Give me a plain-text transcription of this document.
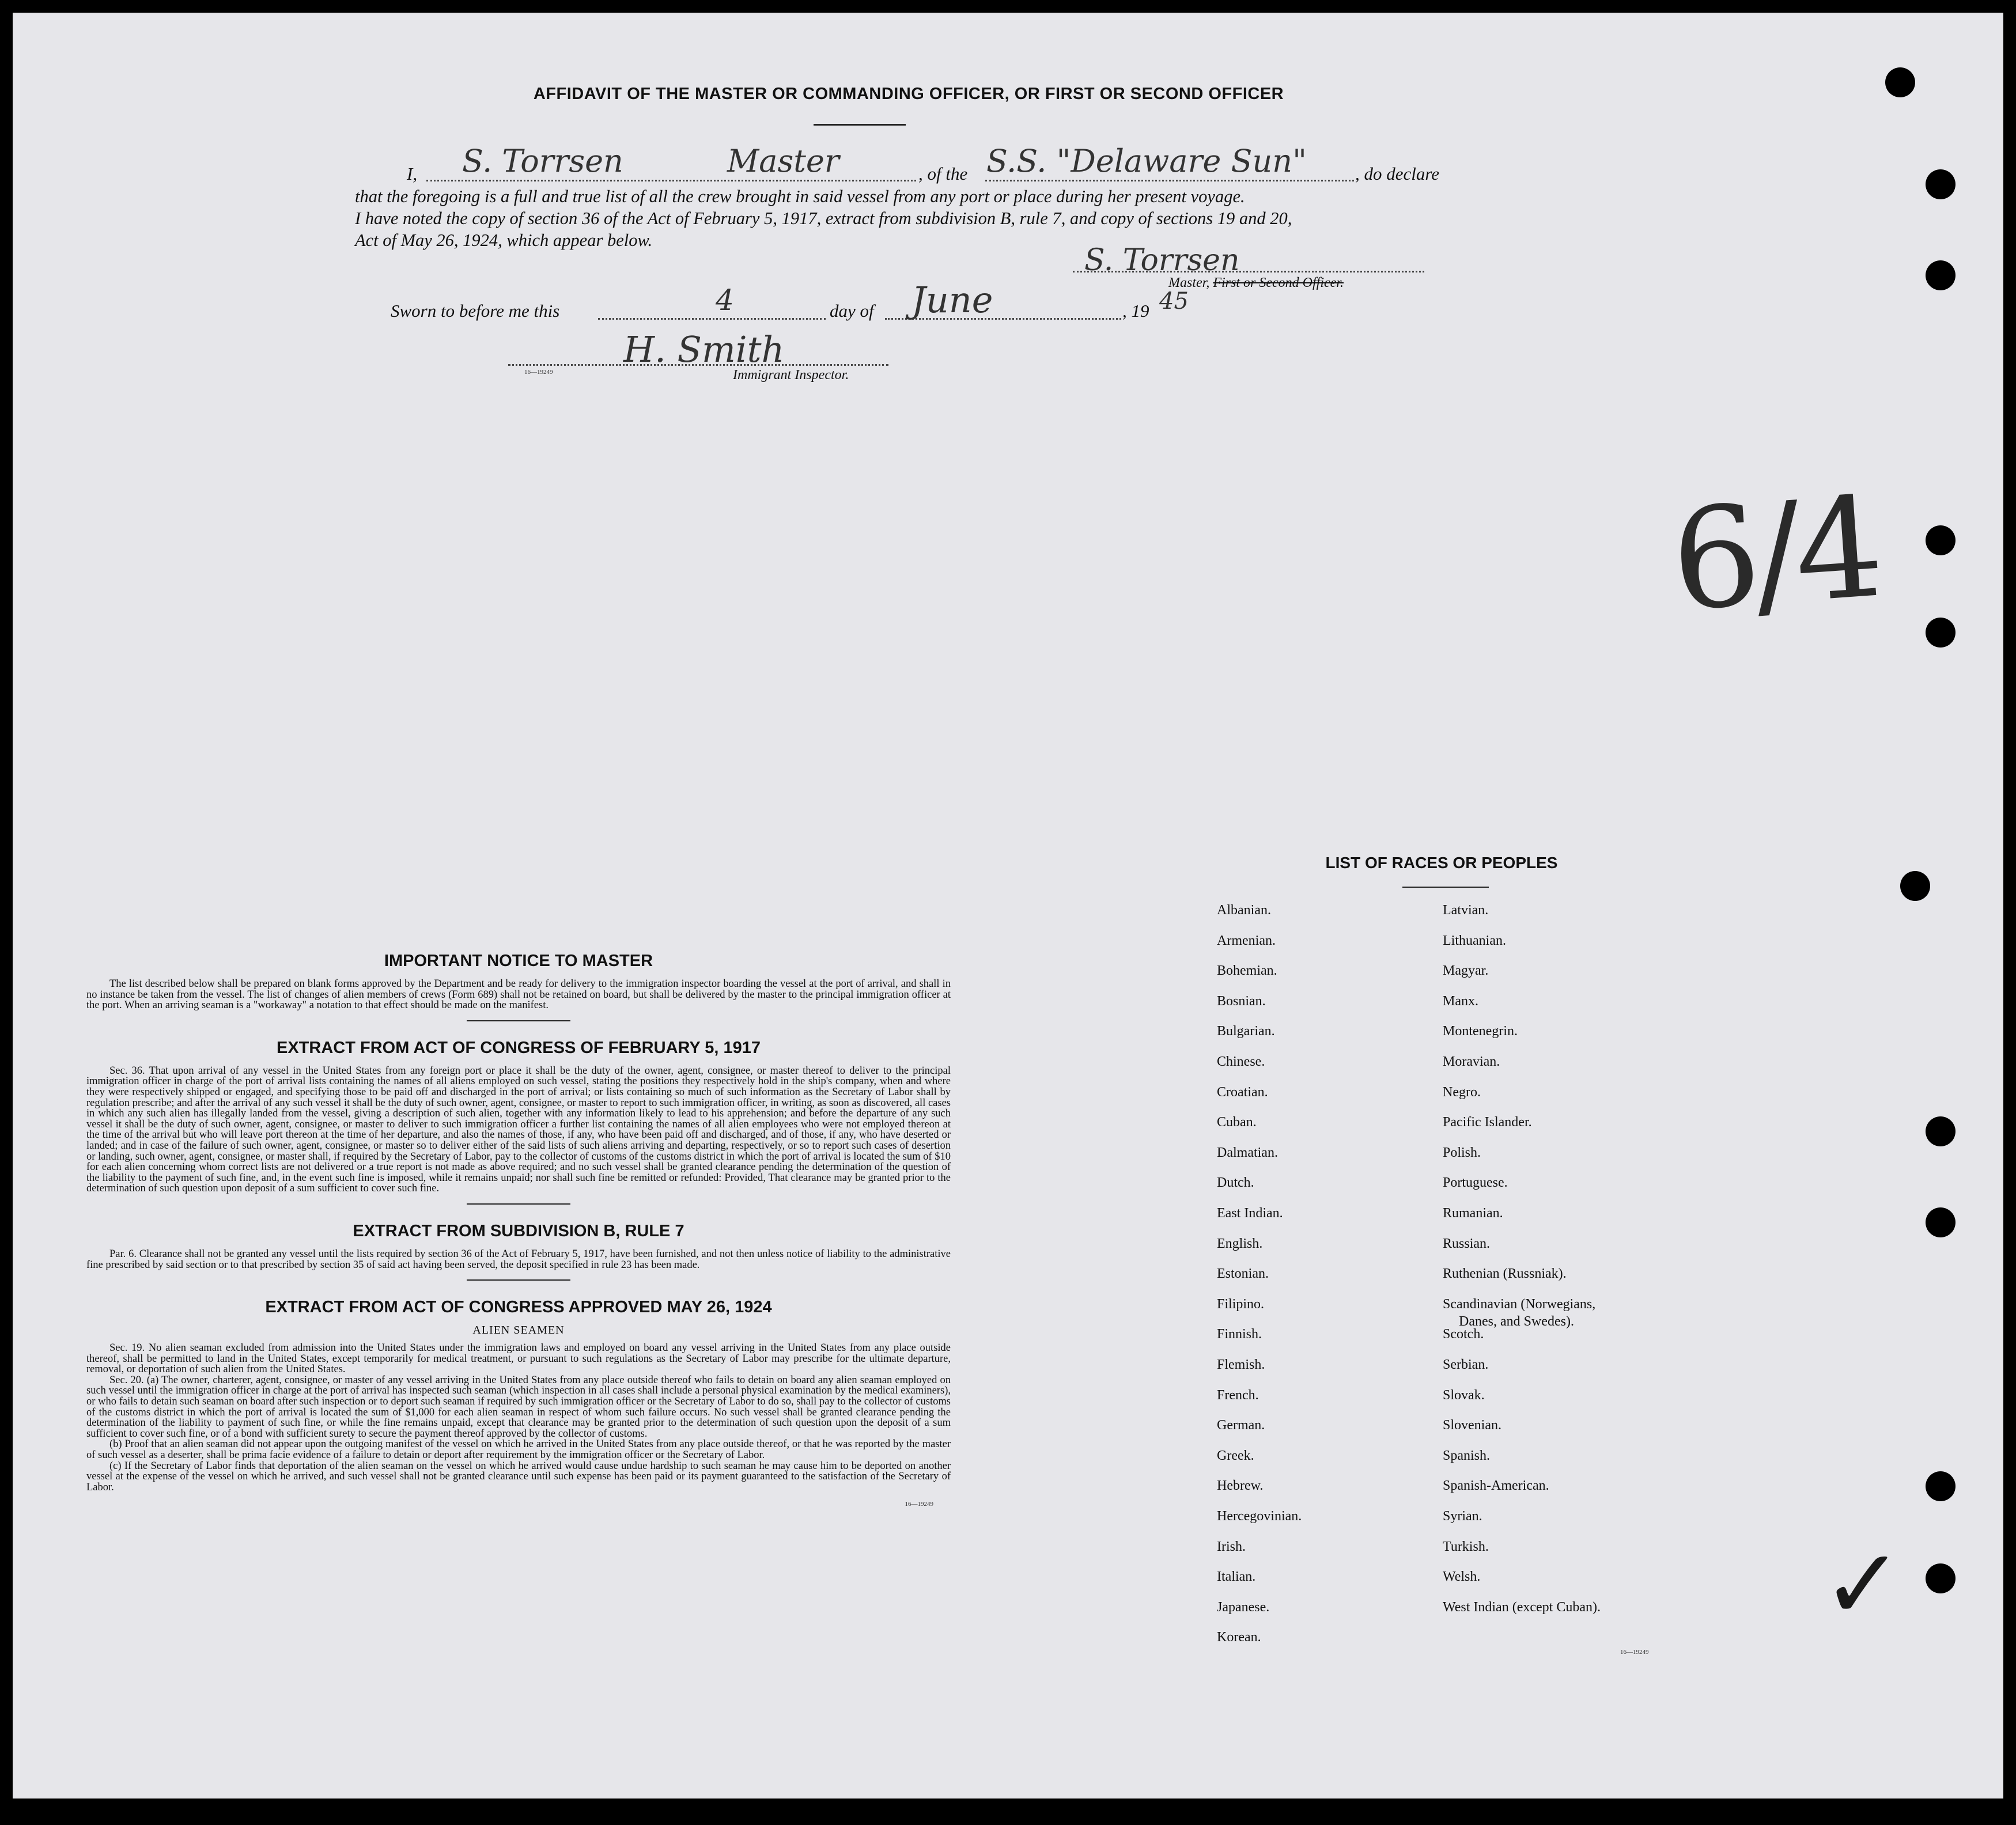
AFFIDAVIT OF THE MASTER OR COMMANDING OFFICER, OR FIRST OR SECOND OFFICER
I, S. Torrsen	Master	, of the S.S. "Delaware Sun"	, do declare
that the foregoing is a full and true list of all the crew brought in said vessel from any port or place during her present voyage.
I have noted the copy of section 36 of the Act of February 5, 1917, extract from subdivision B, rule 7, and copy of sections 19 and 20,
Act of May 26, 1924, which appear below.
S. Torrsen
Master, First or Second Officer.
Sworn to before me this	4	day of June	, 19 45
H. Smith
16—19249	Immigrant Inspector.
6/4
✓
IMPORTANT NOTICE TO MASTER

The list described below shall be prepared on blank forms approved by the Department and be ready for delivery to the immigration inspector boarding the vessel at the port of arrival, and shall in no instance be taken from the vessel. The list of changes of alien members of crews (Form 689) shall not be retained on board, but shall be delivered by the master to the principal immigration officer at the port. When an arriving seaman is a "workaway" a notation to that effect should be made on the manifest.

EXTRACT FROM ACT OF CONGRESS OF FEBRUARY 5, 1917

Sec. 36. That upon arrival of any vessel in the United States from any foreign port or place it shall be the duty of the owner, agent, consignee, or master thereof to deliver to the principal immigration officer in charge of the port of arrival lists containing the names of all aliens employed on such vessel, stating the positions they respectively hold in the ship's company, when and where they were respectively shipped or engaged, and specifying those to be paid off and discharged in the port of arrival; or lists containing so much of such information as the Secretary of Labor shall by regulation prescribe; and after the arrival of any such vessel it shall be the duty of such owner, agent, consignee, or master to report to such immigration officer, in writing, as soon as discovered, all cases in which any such alien has illegally landed from the vessel, giving a description of such alien, together with any information likely to lead to his apprehension; and before the departure of any such vessel it shall be the duty of such owner, agent, consignee, or master to deliver to such immigration officer a further list containing the names of all alien employees who were not employed thereon at the time of the arrival but who will leave port thereon at the time of her departure, and also the names of those, if any, who have been paid off and discharged, and of those, if any, who have deserted or landed; and in case of the failure of such owner, agent, consignee, or master so to deliver either of the said lists of such aliens arriving and departing, respectively, or so to report such cases of desertion or landing, such owner, agent, consignee, or master shall, if required by the Secretary of Labor, pay to the collector of customs of the customs district in which the port of arrival is located the sum of $10 for each alien concerning whom correct lists are not delivered or a true report is not made as above required; and no such vessel shall be granted clearance pending the determination of the question of the liability to the payment of such fine, and, in the event such fine is imposed, while it remains unpaid; nor shall such fine be remitted or refunded: Provided, That clearance may be granted prior to the determination of such question upon deposit of a sum sufficient to cover such fine.

EXTRACT FROM SUBDIVISION B, RULE 7

Par. 6. Clearance shall not be granted any vessel until the lists required by section 36 of the Act of February 5, 1917, have been furnished, and not then unless notice of liability to the administrative fine prescribed by said section or to that prescribed by section 35 of said act having been served, the deposit specified in rule 23 has been made.

EXTRACT FROM ACT OF CONGRESS APPROVED MAY 26, 1924
ALIEN SEAMEN

Sec. 19. No alien seaman excluded from admission into the United States under the immigration laws and employed on board any vessel arriving in the United States from any place outside thereof, shall be permitted to land in the United States, except temporarily for medical treatment, or pursuant to such regulations as the Secretary of Labor may prescribe for the ultimate departure, removal, or deportation of such alien from the United States.

Sec. 20. (a) The owner, charterer, agent, consignee, or master of any vessel arriving in the United States from any place outside thereof who fails to detain on board any alien seaman employed on such vessel until the immigration officer in charge at the port of arrival has inspected such seaman (which inspection in all cases shall include a personal physical examination by the medical examiners), or who fails to detain such seaman on board after such inspection or to deport such seaman if required by such immigration officer or the Secretary of Labor to do so, shall pay to the collector of customs of the customs district in which the port of arrival is located the sum of $1,000 for each alien seaman in respect of whom such failure occurs. No such vessel shall be granted clearance pending the determination of the liability to payment of such fine, or while the fine remains unpaid, except that clearance may be granted prior to the determination of such question upon the deposit of a sum sufficient to cover such fine, or of a bond with sufficient surety to secure the payment thereof approved by the collector of customs.

(b) Proof that an alien seaman did not appear upon the outgoing manifest of the vessel on which he arrived in the United States from any place outside thereof, or that he was reported by the master of such vessel as a deserter, shall be prima facie evidence of a failure to detain or deport after requirement by the immigration officer or the Secretary of Labor.

(c) If the Secretary of Labor finds that deportation of the alien seaman on the vessel on which he arrived would cause undue hardship to such seaman he may cause him to be deported on another vessel at the expense of the vessel on which he arrived, and such vessel shall not be granted clearance until such expense has been paid or its payment guaranteed to the satisfaction of the Secretary of Labor.

16—19249
LIST OF RACES OR PEOPLES
16—19249
Albanian.
Armenian.
Bohemian.
Bosnian.
Bulgarian.
Chinese.
Croatian.
Cuban.
Dalmatian.
Dutch.
East Indian.
English.
Estonian.
Filipino.
Finnish.
Flemish.
French.
German.
Greek.
Hebrew.
Hercegovinian.
Irish.
Italian.
Japanese.
Korean.
Latvian.
Lithuanian.
Magyar.
Manx.
Montenegrin.
Moravian.
Negro.
Pacific Islander.
Polish.
Portuguese.
Rumanian.
Russian.
Ruthenian (Russniak).
Scandinavian (Norwegians,
Danes, and Swedes).
Scotch.
Serbian.
Slovak.
Slovenian.
Spanish.
Spanish-American.
Syrian.
Turkish.
Welsh.
West Indian (except Cuban).
